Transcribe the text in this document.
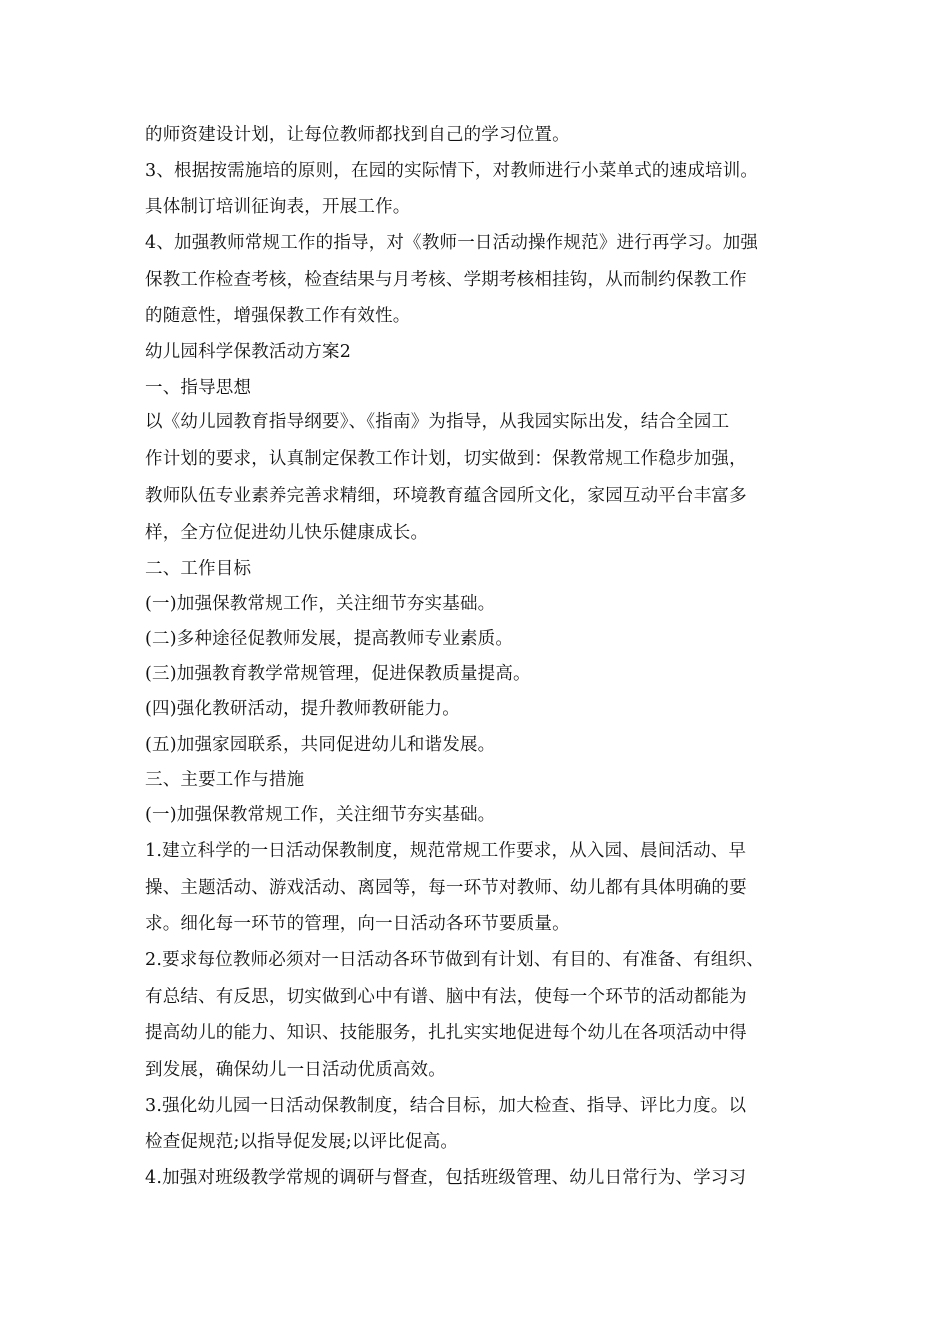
的师资建设计划，让每位教师都找到自己的学习位置。
3、根据按需施培的原则，在园的实际情下，对教师进行小菜单式的速成培训。
具体制订培训征询表，开展工作。
4、加强教师常规工作的指导，对《教师一日活动操作规范》进行再学习。加强
保教工作检查考核，检查结果与月考核、学期考核相挂钩，从而制约保教工作
的随意性，增强保教工作有效性。
幼儿园科学保教活动方案2
一、指导思想
以《幼儿园教育指导纲要》、《指南》为指导，从我园实际出发，结合全园工
作计划的要求，认真制定保教工作计划，切实做到：保教常规工作稳步加强，
教师队伍专业素养完善求精细，环境教育蕴含园所文化，家园互动平台丰富多
样，全方位促进幼儿快乐健康成长。
二、工作目标
(一)加强保教常规工作，关注细节夯实基础。
(二)多种途径促教师发展，提高教师专业素质。
(三)加强教育教学常规管理，促进保教质量提高。
(四)强化教研活动，提升教师教研能力。
(五)加强家园联系，共同促进幼儿和谐发展。
三、主要工作与措施
(一)加强保教常规工作，关注细节夯实基础。
1.建立科学的一日活动保教制度，规范常规工作要求，从入园、晨间活动、早
操、主题活动、游戏活动、离园等，每一环节对教师、幼儿都有具体明确的要
求。细化每一环节的管理，向一日活动各环节要质量。
2.要求每位教师必须对一日活动各环节做到有计划、有目的、有准备、有组织、
有总结、有反思，切实做到心中有谱、脑中有法，使每一个环节的活动都能为
提高幼儿的能力、知识、技能服务，扎扎实实地促进每个幼儿在各项活动中得
到发展，确保幼儿一日活动优质高效。
3.强化幼儿园一日活动保教制度，结合目标，加大检查、指导、评比力度。以
检查促规范;以指导促发展;以评比促高。
4.加强对班级教学常规的调研与督查，包括班级管理、幼儿日常行为、学习习
